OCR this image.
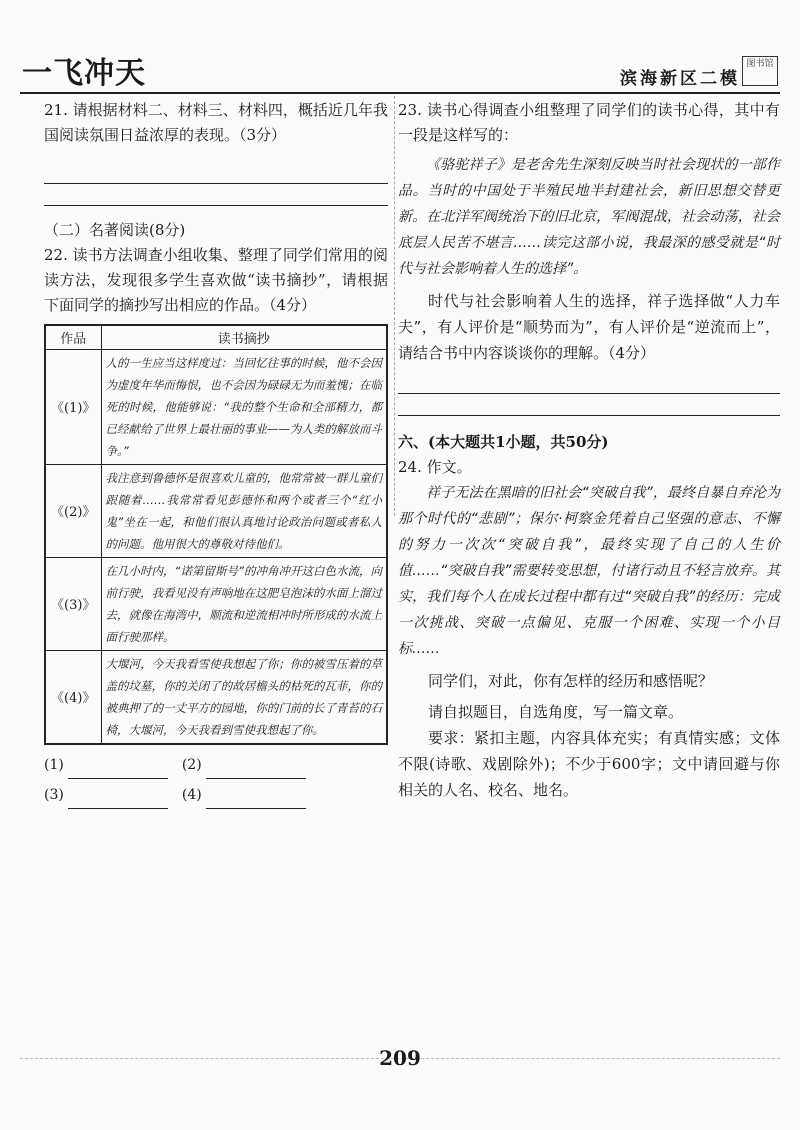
一飞冲天	滨海新区二模
图书馆

21. 请根据材料二、材料三、材料四，概括近几年我国阅读氛围日益浓厚的表现。（3分）

（二）名著阅读(8分)

22. 读书方法调查小组收集、整理了同学们常用的阅读方法，发现很多学生喜欢做“读书摘抄”，请根据下面同学的摘抄写出相应的作品。（4分）

作品	读书摘抄
《(1)》	人的一生应当这样度过：当回忆往事的时候，他不会因为虚度年华而悔恨，也不会因为碌碌无为而羞愧；在临死的时候，他能够说：“我的整个生命和全部精力，都已经献给了世界上最壮丽的事业——为人类的解放而斗争。”
《(2)》	我注意到鲁德怀是很喜欢儿童的，他常常被一群儿童们跟随着……我常常看见彭德怀和两个或者三个“红小鬼”坐在一起，和他们很认真地讨论政治问题或者私人的问题。他用很大的尊敬对待他们。
《(3)》	在几小时内，“诺第留斯号”的冲角冲开这白色水流，向前行驶，我看见没有声响地在这肥皂泡沫的水面上溜过去，就像在海湾中，顺流和逆流相冲时所形成的水流上面行驶那样。
《(4)》	大堰河，今天我看雪使我想起了你；你的被雪压着的草盖的坟墓，你的关闭了的故居檐头的枯死的瓦菲，你的被典押了的一丈平方的园地，你的门前的长了青苔的石椅，大堰河，今天我看到雪使我想起了你。
(1)	(2)
(3)	(4)

23. 读书心得调查小组整理了同学们的读书心得，其中有一段是这样写的：

《骆驼祥子》是老舍先生深刻反映当时社会现状的一部作品。当时的中国处于半殖民地半封建社会，新旧思想交替更新。在北洋军阀统治下的旧北京，军阀混战，社会动荡，社会底层人民苦不堪言……读完这部小说，我最深的感受就是“时代与社会影响着人生的选择”。

时代与社会影响着人生的选择，祥子选择做“人力车夫”，有人评价是“顺势而为”，有人评价是“逆流而上”，请结合书中内容谈谈你的理解。（4分）

六、(本大题共1小题，共50分)

24. 作文。

祥子无法在黑暗的旧社会“突破自我”，最终自暴自弃沦为那个时代的“悲剧”；保尔·柯察金凭着自己坚强的意志、不懈的努力一次次“突破自我”，最终实现了自己的人生价值……“突破自我”需要转变思想，付诸行动且不轻言放弃。其实，我们每个人在成长过程中都有过“突破自我”的经历：完成一次挑战、突破一点偏见、克服一个困难、实现一个小目标……

同学们，对此，你有怎样的经历和感悟呢？

请自拟题目，自选角度，写一篇文章。

要求：紧扣主题，内容具体充实；有真情实感；文体不限(诗歌、戏剧除外)；不少于600字；文中请回避与你相关的人名、校名、地名。

209
